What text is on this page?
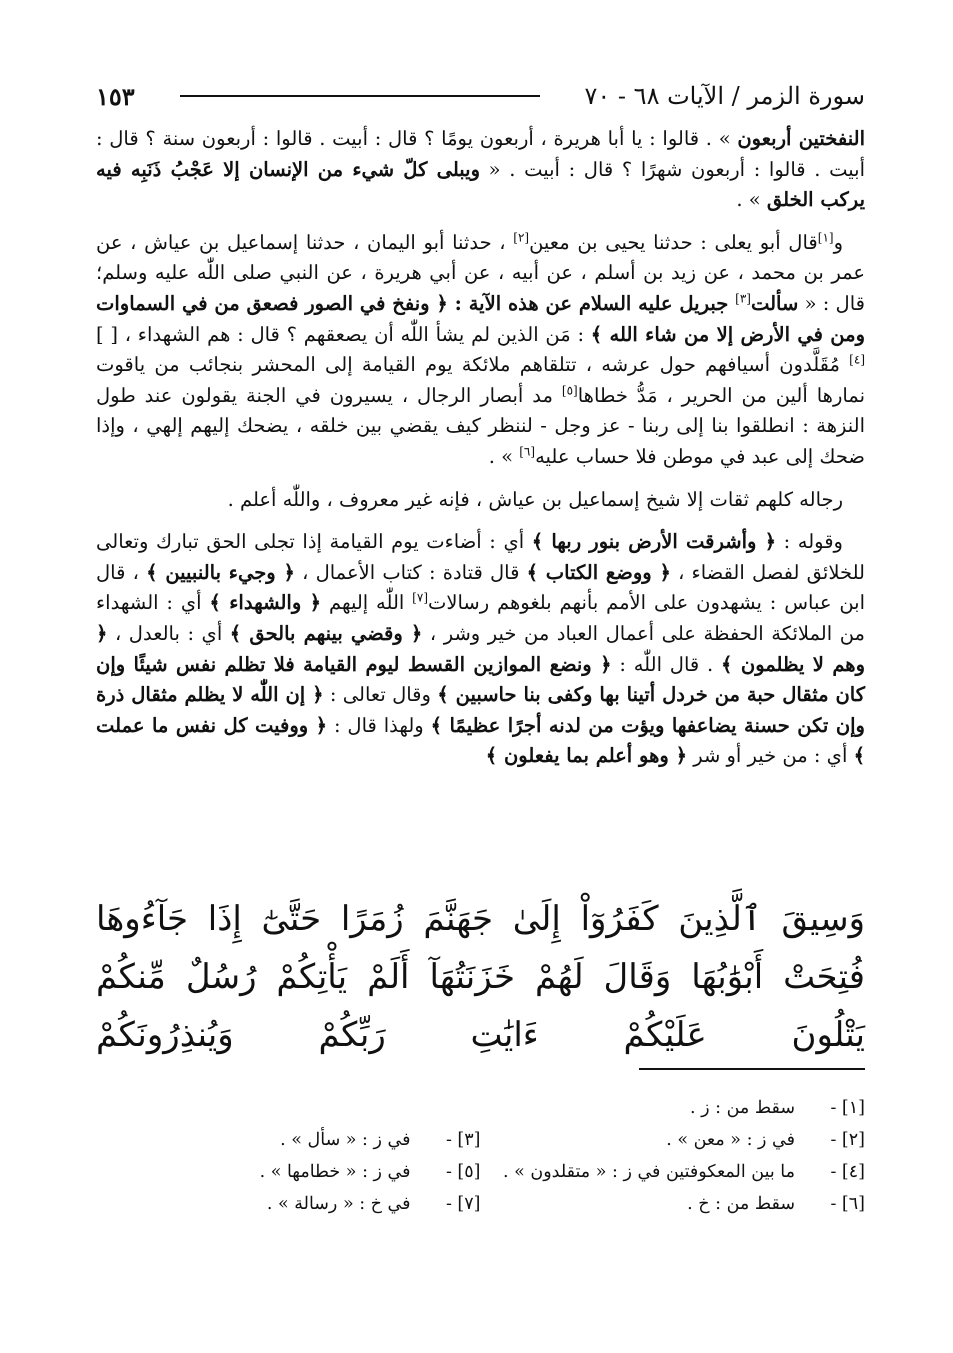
سورة الزمر / الآيات ٦٨ - ٧٠
١٥٣

النفختين أربعون » . قالوا : يا أبا هريرة ، أربعون يومًا ؟ قال : أبيت . قالوا : أربعون سنة ؟ قال : أبيت . قالوا : أربعون شهرًا ؟ قال : أبيت . « ويبلى كلّ شيء من الإنسان إلا عَجْبُ ذَنَبِه فيه يركب الخلق » .

و[١]قال أبو يعلى : حدثنا يحيى بن معين[٢] ، حدثنا أبو اليمان ، حدثنا إسماعيل بن عياش ، عن عمر بن محمد ، عن زيد بن أسلم ، عن أبيه ، عن أبي هريرة ، عن النبي صلى اللّٰه عليه وسلم؛ قال : « سألت[٣] جبريل عليه السلام عن هذه الآية : ﴿ ونفخ في الصور فصعق من في السماوات ومن في الأرض إلا من شاء الله ﴾ : مَن الذين لم يشأ اللّٰه أن يصعقهم ؟ قال : هم الشهداء ، [ ][٤] مُقَلَّدون أسيافهم حول عرشه ، تتلقاهم ملائكة يوم القيامة إلى المحشر بنجائب من ياقوت نمارها ألين من الحرير ، مَدُّ خطاها[٥] مد أبصار الرجال ، يسيرون في الجنة يقولون عند طول النزهة : انطلقوا بنا إلى ربنا - عز وجل - لننظر كيف يقضي بين خلقه ، يضحك إليهم إلهي ، وإذا ضحك إلى عبد في موطن فلا حساب عليه[٦] » .

رجاله كلهم ثقات إلا شيخ إسماعيل بن عياش ، فإنه غير معروف ، واللّٰه أعلم .

وقوله : ﴿ وأشرقت الأرض بنور ربها ﴾ أي : أضاءت يوم القيامة إذا تجلى الحق تبارك وتعالى للخلائق لفصل القضاء ، ﴿ ووضع الكتاب ﴾ قال قتادة : كتاب الأعمال ، ﴿ وجيء بالنبيين ﴾ ، قال ابن عباس : يشهدون على الأمم بأنهم بلغوهم رسالات[٧] اللّٰه إليهم ﴿ والشهداء ﴾ أي : الشهداء من الملائكة الحفظة على أعمال العباد من خير وشر ، ﴿ وقضي بينهم بالحق ﴾ أي : بالعدل ، ﴿ وهم لا يظلمون ﴾ . قال اللّٰه : ﴿ ونضع الموازين القسط ليوم القيامة فلا تظلم نفس شيئًا وإن كان مثقال حبة من خردل أتينا بها وكفى بنا حاسبين ﴾ وقال تعالى : ﴿ إن اللّٰه لا يظلم مثقال ذرة وإن تكن حسنة يضاعفها ويؤت من لدنه أجرًا عظيمًا ﴾ ولهذا قال : ﴿ ووفيت كل نفس ما عملت ﴾ أي : من خير أو شر ﴿ وهو أعلم بما يفعلون ﴾

وَسِيقَ ٱلَّذِينَ كَفَرُوٓاْ إِلَىٰ جَهَنَّمَ زُمَرًا حَتَّىٰٓ إِذَا جَآءُوهَا فُتِحَتْ أَبْوَٰبُهَا وَقَالَ لَهُمْ خَزَنَتُهَآ أَلَمْ يَأْتِكُمْ رُسُلٌ مِّنكُمْ يَتْلُونَ عَلَيْكُمْ ءَايَٰتِ رَبِّكُمْ وَيُنذِرُونَكُمْ
[١] -
سقط من : ز .
[٢] -
في ز : « معن » .
[٣] -
في ز : « سأل » .
[٤] -
ما بين المعكوفتين في ز : « متقلدون » .
[٥] -
في ز : « خطامها » .
[٦] -
سقط من : خ .
[٧] -
في خ : « رسالة » .
